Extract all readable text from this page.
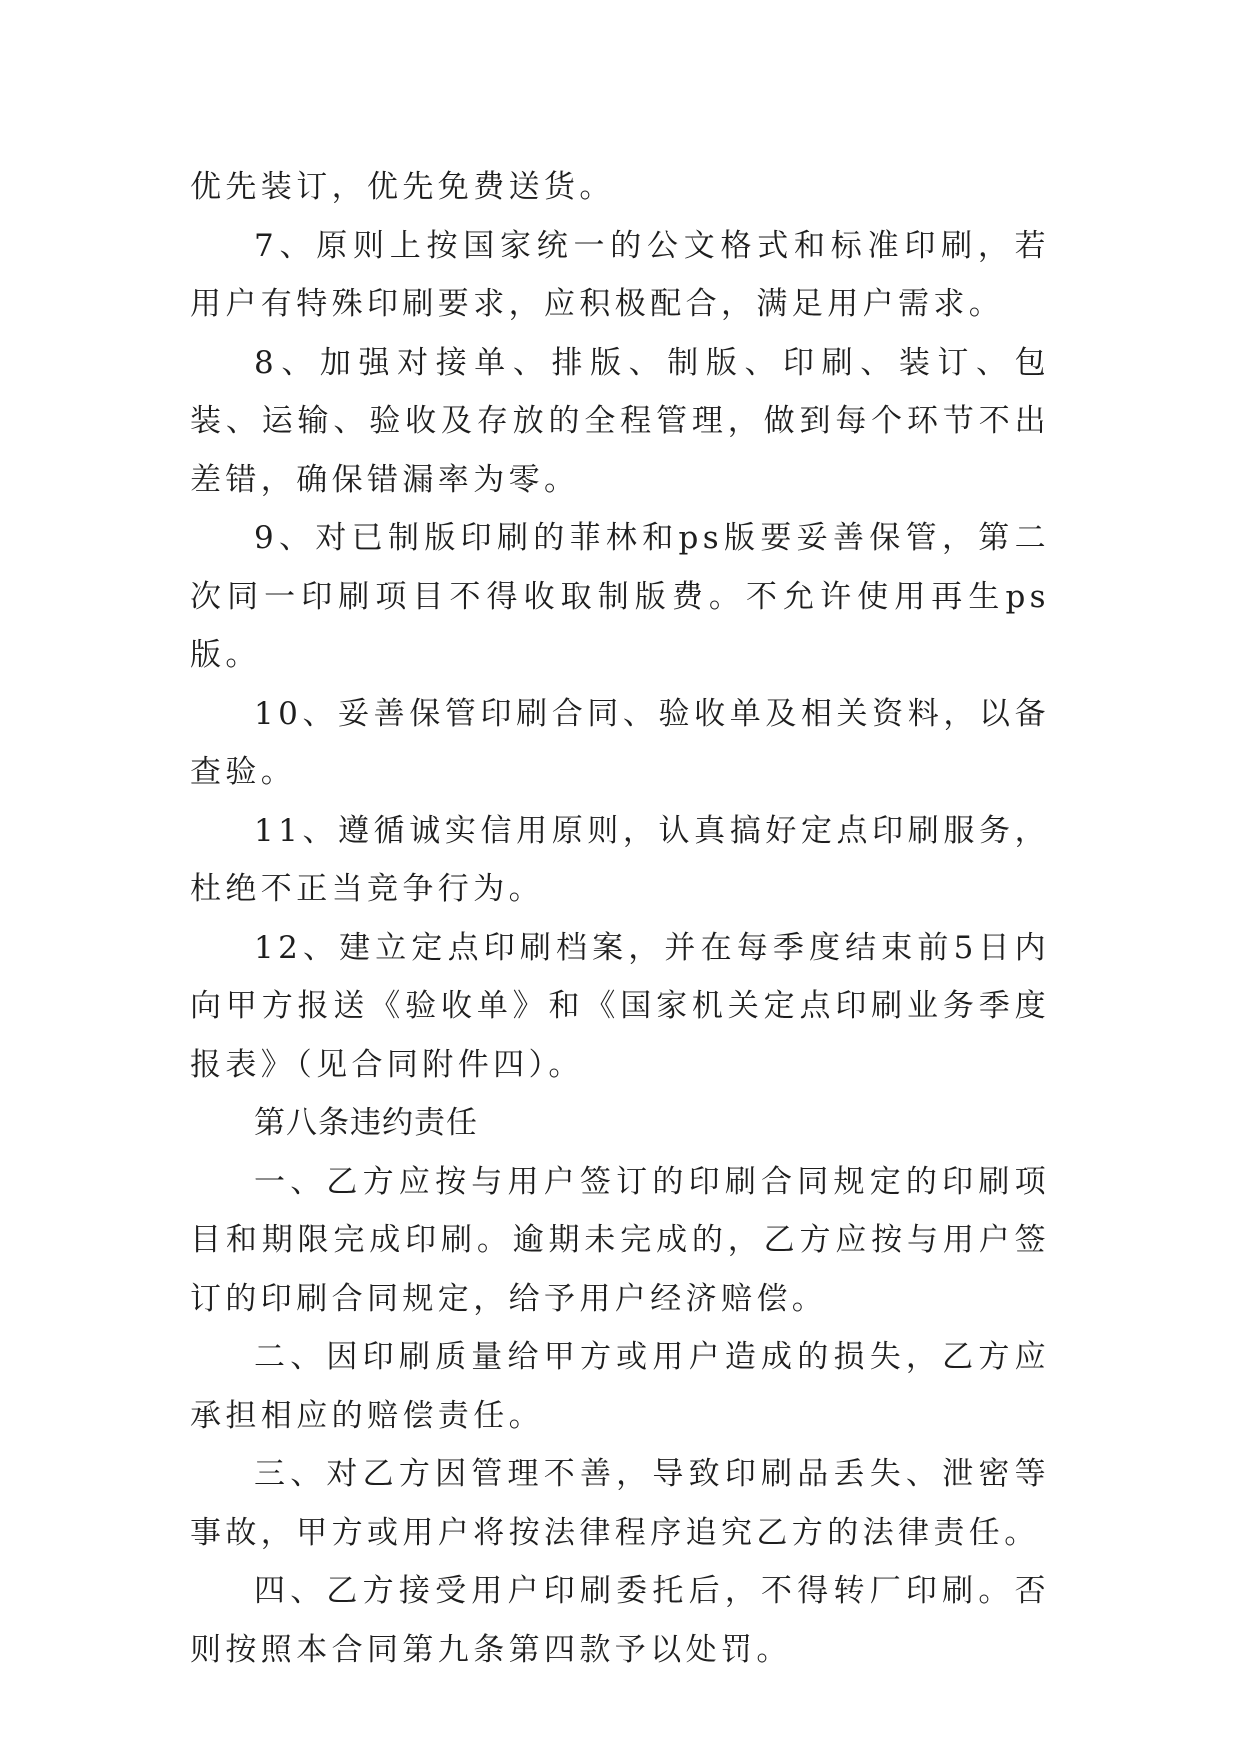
优先装订，优先免费送货。

7、原则上按国家统一的公文格式和标准印刷，若用户有特殊印刷要求，应积极配合，满足用户需求。

8、加强对接单、排版、制版、印刷、装订、包装、运输、验收及存放的全程管理，做到每个环节不出差错，确保错漏率为零。

9、对已制版印刷的菲林和ps版要妥善保管，第二次同一印刷项目不得收取制版费。不允许使用再生ps版。

10、妥善保管印刷合同、验收单及相关资料，以备查验。

11、遵循诚实信用原则，认真搞好定点印刷服务，杜绝不正当竞争行为。

12、建立定点印刷档案，并在每季度结束前5日内向甲方报送《验收单》和《国家机关定点印刷业务季度报表》（见合同附件四）。

第八条违约责任

一、乙方应按与用户签订的印刷合同规定的印刷项目和期限完成印刷。逾期未完成的，乙方应按与用户签订的印刷合同规定，给予用户经济赔偿。

二、因印刷质量给甲方或用户造成的损失，乙方应承担相应的赔偿责任。

三、对乙方因管理不善，导致印刷品丢失、泄密等事故，甲方或用户将按法律程序追究乙方的法律责任。

四、乙方接受用户印刷委托后，不得转厂印刷。否则按照本合同第九条第四款予以处罚。
